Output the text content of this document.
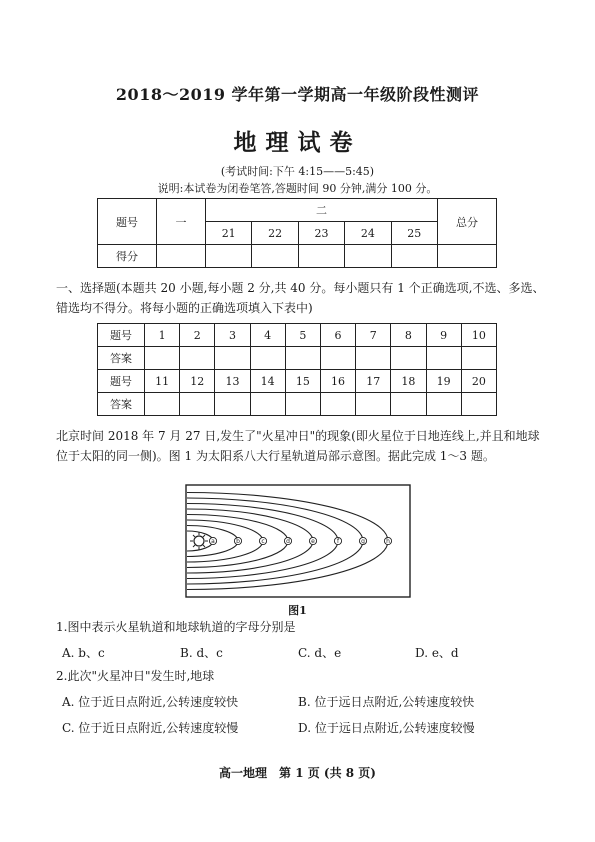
2018～2019 学年第一学期高一年级阶段性测评
地理试卷
(考试时间:下午 4:15——5:45)
说明:本试卷为闭卷笔答,答题时间 90 分钟,满分 100 分。
题号	一	二					总分
		21	22	23	24	25	
得分							
一、选择题(本题共 20 小题,每小题 2 分,共 40 分。每小题只有 1 个正确选项,不选、多选、错选均不得分。将每小题的正确选项填入下表中)
题号	1	2	3	4	5	6	7	8	9	10
答案										
题号	11	12	13	14	15	16	17	18	19	20
答案										
北京时间 2018 年 7 月 27 日,发生了"火星冲日"的现象(即火星位于日地连线上,并且和地球位于太阳的同一侧)。图 1 为太阳系八大行星轨道局部示意图。据此完成 1～3 题。
a	b	c	d	e	f	g	h
图1
1.图中表示火星轨道和地球轨道的字母分别是
A. b、c	B. d、c	C. d、e	D. e、d
2.此次"火星冲日"发生时,地球
A. 位于近日点附近,公转速度较快	B. 位于远日点附近,公转速度较快
C. 位于近日点附近,公转速度较慢	D. 位于远日点附近,公转速度较慢
高一地理　第 1 页 (共 8 页)
